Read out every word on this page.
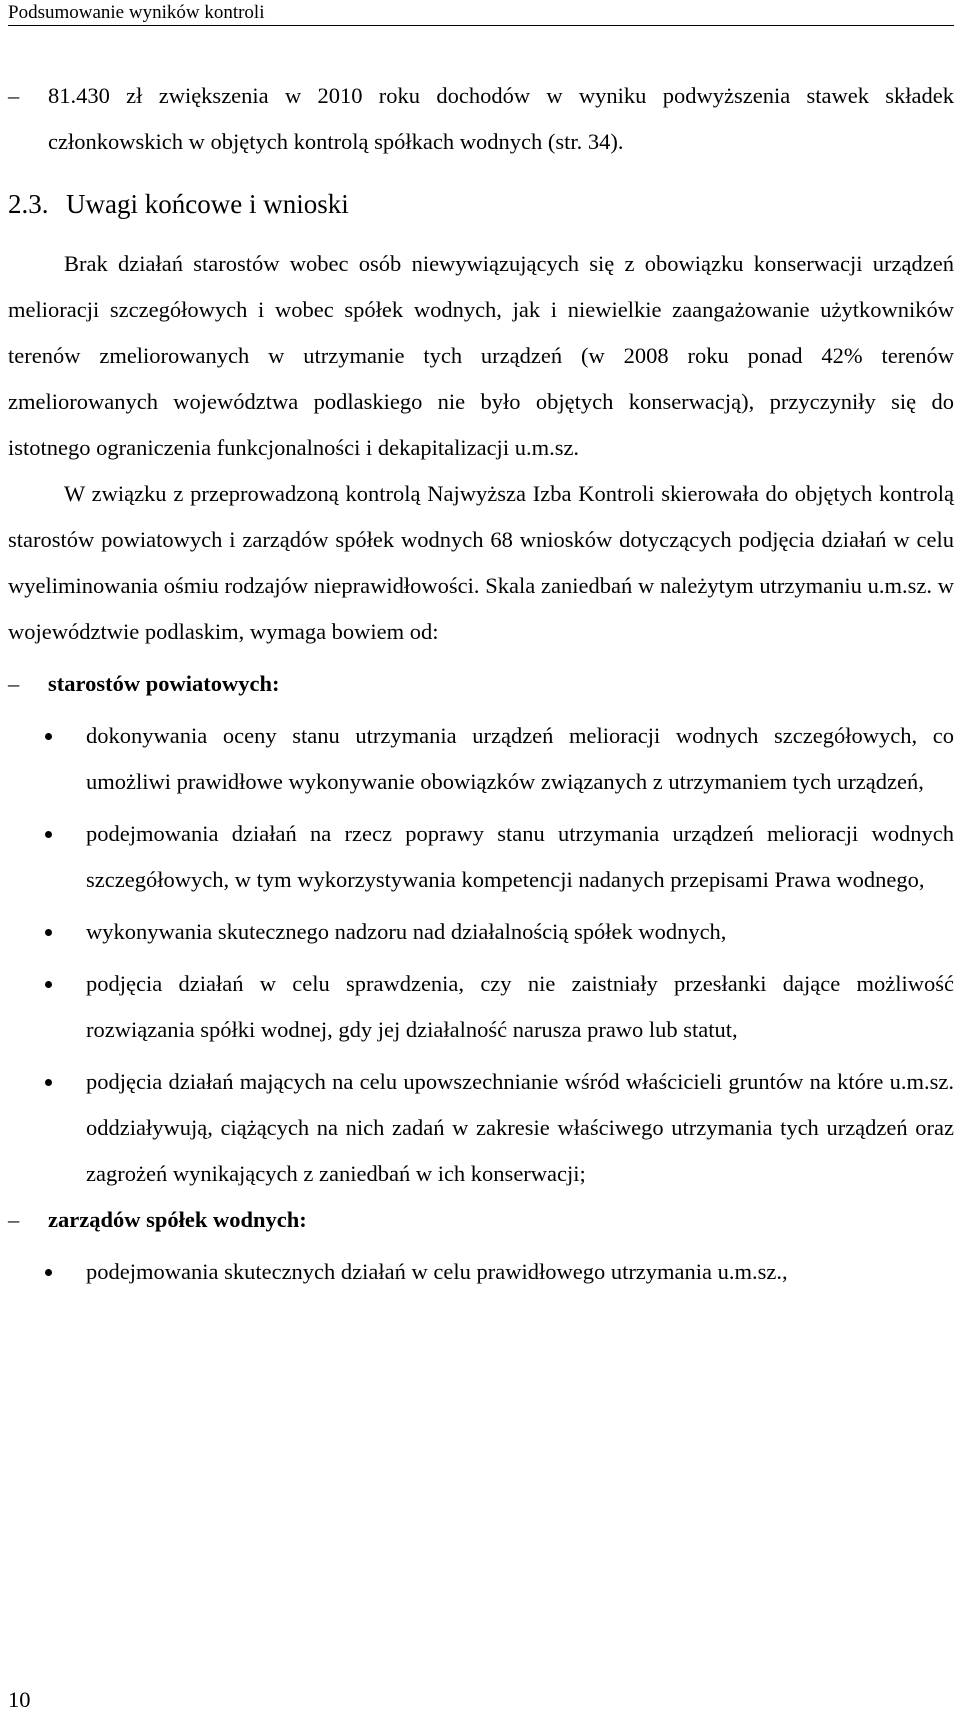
Podsumowanie wyników kontroli
– 81.430 zł zwiększenia w 2010 roku dochodów w wyniku podwyższenia stawek składek członkowskich w objętych kontrolą spółkach wodnych (str. 34).
2.3. Uwagi końcowe i wnioski

Brak działań starostów wobec osób niewywiązujących się z obowiązku konserwacji urządzeń melioracji szczegółowych i wobec spółek wodnych, jak i niewielkie zaangażowanie użytkowników terenów zmeliorowanych w utrzymanie tych urządzeń (w 2008 roku ponad 42% terenów zmeliorowanych województwa podlaskiego nie było objętych konserwacją), przyczyniły się do istotnego ograniczenia funkcjonalności i dekapitalizacji u.m.sz.

W związku z przeprowadzoną kontrolą Najwyższa Izba Kontroli skierowała do objętych kontrolą starostów powiatowych i zarządów spółek wodnych 68 wniosków dotyczących podjęcia działań w celu wyeliminowania ośmiu rodzajów nieprawidłowości. Skala zaniedbań w należytym utrzymaniu u.m.sz. w województwie podlaskim, wymaga bowiem od:

– starostów powiatowych:
dokonywania oceny stanu utrzymania urządzeń melioracji wodnych szczegółowych, co umożliwi prawidłowe wykonywanie obowiązków związanych z utrzymaniem tych urządzeń,
podejmowania działań na rzecz poprawy stanu utrzymania urządzeń melioracji wodnych szczegółowych, w tym wykorzystywania kompetencji nadanych przepisami Prawa wodnego,
wykonywania skutecznego nadzoru nad działalnością spółek wodnych,
podjęcia działań w celu sprawdzenia, czy nie zaistniały przesłanki dające możliwość rozwiązania spółki wodnej, gdy jej działalność narusza prawo lub statut,
podjęcia działań mających na celu upowszechnianie wśród właścicieli gruntów na które u.m.sz. oddziaływują, ciążących na nich zadań w zakresie właściwego utrzymania tych urządzeń oraz zagrożeń wynikających z zaniedbań w ich konserwacji;
– zarządów spółek wodnych:
podejmowania skutecznych działań w celu prawidłowego utrzymania u.m.sz.,
10
